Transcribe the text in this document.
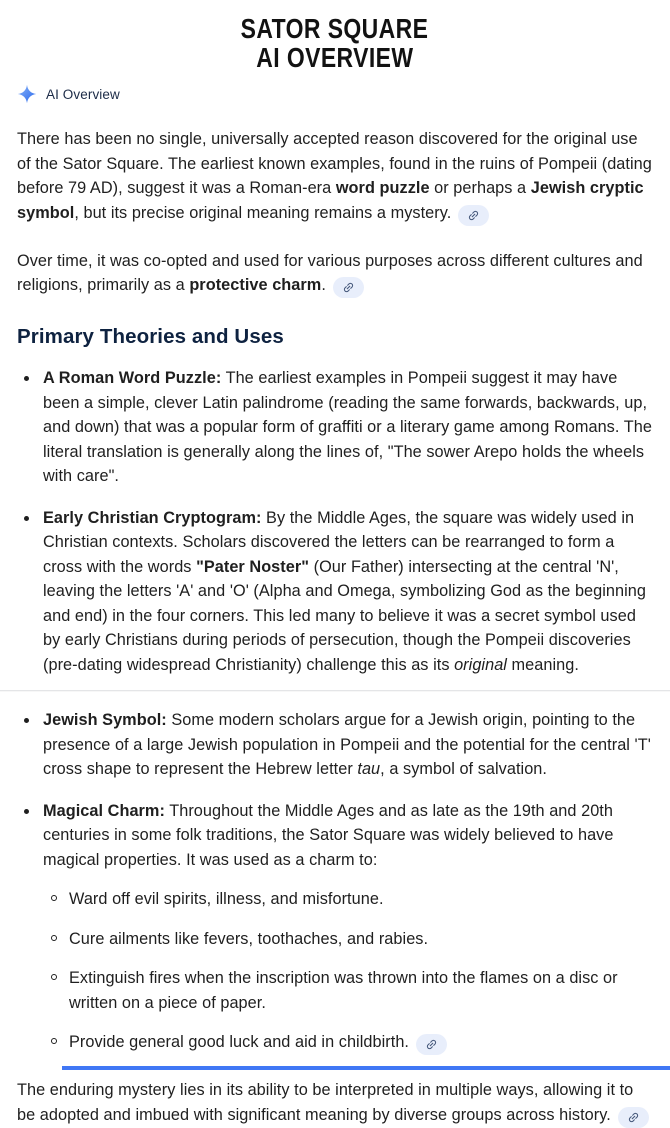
SATOR SQUARE
AI OVERVIEW
AI Overview

There has been no single, universally accepted reason discovered for the original use of the Sator Square. The earliest known examples, found in the ruins of Pompeii (dating before 79 AD), suggest it was a Roman-era word puzzle or perhaps a Jewish cryptic symbol, but its precise original meaning remains a mystery.

Over time, it was co-opted and used for various purposes across different cultures and religions, primarily as a protective charm.

Primary Theories and Uses
A Roman Word Puzzle: The earliest examples in Pompeii suggest it may have been a simple, clever Latin palindrome (reading the same forwards, backwards, up, and down) that was a popular form of graffiti or a literary game among Romans. The literal translation is generally along the lines of, "The sower Arepo holds the wheels with care".
Early Christian Cryptogram: By the Middle Ages, the square was widely used in Christian contexts. Scholars discovered the letters can be rearranged to form a cross with the words "Pater Noster" (Our Father) intersecting at the central 'N', leaving the letters 'A' and 'O' (Alpha and Omega, symbolizing God as the beginning and end) in the four corners. This led many to believe it was a secret symbol used by early Christians during periods of persecution, though the Pompeii discoveries (pre-dating widespread Christianity) challenge this as its original meaning.
Jewish Symbol: Some modern scholars argue for a Jewish origin, pointing to the presence of a large Jewish population in Pompeii and the potential for the central 'T' cross shape to represent the Hebrew letter tau, a symbol of salvation.
Magical Charm: Throughout the Middle Ages and as late as the 19th and 20th centuries in some folk traditions, the Sator Square was widely believed to have magical properties. It was used as a charm to:
Ward off evil spirits, illness, and misfortune.
Cure ailments like fevers, toothaches, and rabies.
Extinguish fires when the inscription was thrown into the flames on a disc or written on a piece of paper.
Provide general good luck and aid in childbirth.

The enduring mystery lies in its ability to be interpreted in multiple ways, allowing it to be adopted and imbued with significant meaning by diverse groups across history.
